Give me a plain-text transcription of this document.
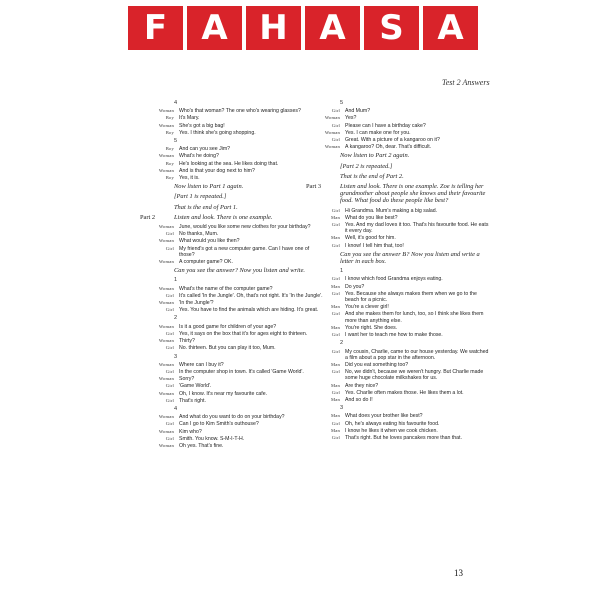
F	A H A S A
Test 2 Answers
4
Woman Who's that woman? The one who's wearing glasses?
Boy It's Mary.
Woman She's got a big bag!
Boy Yes. I think she's going shopping.
5
Boy And can you see Jim?
Woman What's he doing?
Boy He's looking at the sea. He likes doing that.
Woman And is that your dog next to him?
Boy Yes, it is.
Now listen to Part 1 again.
[Part 1 is repeated.]
That is the end of Part 1.
Part 2	Listen and look. There is one example.
Woman June, would you like some new clothes for your birthday?
Girl No thanks, Mum.
Woman What would you like then?
Girl My friend's got a new computer game. Can I have one of those?
Woman A computer game? OK.
Can you see the answer? Now you listen and write.
1
Woman What's the name of the computer game?
Girl It's called 'In the Jungle'. Oh, that's not right. It's 'In the Jungle'.
Woman 'In the Jungle'?
Girl Yes. You have to find the animals which are hiding. It's great.
2
Woman Is it a good game for children of your age?
Girl Yes, it says on the box that it's for ages eight to thirteen.
Woman Thirty?
Girl No. thirteen. But you can play it too, Mum.
3
Woman Where can I buy it?
Girl In the computer shop in town. It's called 'Game World'.
Woman Sorry?
Girl 'Game World'.
Woman Oh, I know. It's near my favourite cafe.
Girl That's right.
4
Woman And what do you want to do on your birthday?
Girl Can I go to Kim Smith's outhouse?
Woman Kim who?
Girl Smith. You know. S-M-I-T-H.
Woman Oh yes. That's fine.
5
Girl And Mum?
Woman Yes?
Girl Please can I have a birthday cake?
Woman Yes. I can make one for you.
Girl Great. With a picture of a kangaroo on it?
Woman A kangaroo? Oh, dear. That's difficult.
Now listen to Part 2 again.
[Part 2 is repeated.]
That is the end of Part 2.
Part 3	Listen and look. There is one example. Zoe is telling her grandmother about people she knows and their favourite food. What food do these people like best?
Girl Hi Grandma. Mum's making a big salad.
Man What do you like best?
Girl Yes. And my dad loves it too. That's his favourite food. He eats it every day.
Man Well, it's good for him.
Girl I know! I tell him that, too!
Can you see the answer B? Now you listen and write a letter in each box.
1
Girl I know which food Grandma enjoys eating.
Man Do you?
Girl Yes. Because she always makes them when we go to the beach for a picnic.
Man You're a clever girl!
Girl And she makes them for lunch, too, so I think she likes them more than anything else.
Man You're right. She does.
Girl I want her to teach me how to make those.
2
Girl My cousin, Charlie, came to our house yesterday. We watched a film about a pop star in the afternoon.
Man Did you eat something too?
Girl No, we didn't, because we weren't hungry. But Charlie made some huge chocolate milkshakes for us.
Man Are they nice?
Girl Yes. Charlie often makes those. He likes them a lot.
Man And so do I!
3
Man What does your brother like best?
Girl Oh, he's always eating his favourite food.
Man I know he likes it when we cook chicken.
Girl That's right. But he loves pancakes more than that.
13
